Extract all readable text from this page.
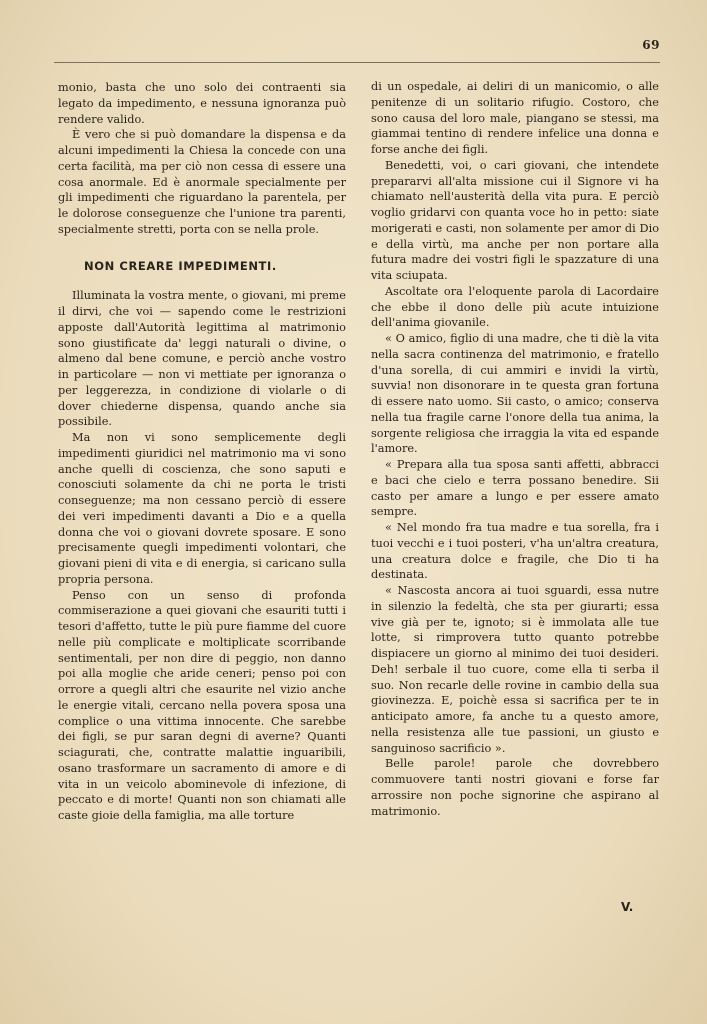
69

monio, basta che uno solo dei contraenti sia legato da impedimento, e nessuna ignoranza può rendere valido.

È vero che si può domandare la dispensa e da alcuni impedimenti la Chiesa la concede con una certa facilità, ma per ciò non cessa di essere una cosa anormale. Ed è anormale specialmente per gli impedimenti che riguardano la parentela, per le dolorose conseguenze che l'unione tra parenti, specialmente stretti, porta con se nella prole.

NON CREARE IMPEDIMENTI.

Illuminata la vostra mente, o giovani, mi preme il dirvi, che voi — sapendo come le restrizioni apposte dall'Autorità legittima al matrimonio sono giustificate da' leggi naturali o divine, o almeno dal bene comune, e perciò anche vostro in particolare — non vi mettiate per ignoranza o per leggerezza, in condizione di violarle o di dover chiederne dispensa, quando anche sia possibile.

Ma non vi sono semplicemente degli impedimenti giuridici nel matrimonio ma vi sono anche quelli di coscienza, che sono saputi e conosciuti solamente da chi ne porta le tristi conseguenze; ma non cessano perciò di essere dei veri impedimenti davanti a Dio e a quella donna che voi o giovani dovrete sposare. E sono precisamente quegli impedimenti volontari, che giovani pieni di vita e di energia, si caricano sulla propria persona.

Penso con un senso di profonda commiserazione a quei giovani che esauriti tutti i tesori d'affetto, tutte le più pure fiamme del cuore nelle più complicate e moltiplicate scorribande sentimentali, per non dire di peggio, non danno poi alla moglie che aride ceneri; penso poi con orrore a quegli altri che esaurite nel vizio anche le energie vitali, cercano nella povera sposa una complice o una vittima innocente. Che sarebbe dei figli, se pur saran degni di averne? Quanti sciagurati, che, contratte malattie inguaribili, osano trasformare un sacramento di amore e di vita in un veicolo abominevole di infezione, di peccato e di morte! Quanti non son chiamati alle caste gioie della famiglia, ma alle torture

di un ospedale, ai deliri di un manicomio, o alle penitenze di un solitario rifugio. Costoro, che sono causa del loro male, piangano se stessi, ma giammai tentino di rendere infelice una donna e forse anche dei figli.

Benedetti, voi, o cari giovani, che intendete prepararvi all'alta missione cui il Signore vi ha chiamato nell'austerità della vita pura. E perciò voglio gridarvi con quanta voce ho in petto: siate morigerati e casti, non solamente per amor di Dio e della virtù, ma anche per non portare alla futura madre dei vostri figli le spazzature di una vita sciupata.

Ascoltate ora l'eloquente parola di Lacordaire che ebbe il dono delle più acute intuizione dell'anima giovanile.

« O amico, figlio di una madre, che ti diè la vita nella sacra continenza del matrimonio, e fratello d'una sorella, di cui ammiri e invidi la virtù, suvvia! non disonorare in te questa gran fortuna di essere nato uomo. Sii casto, o amico; conserva nella tua fragile carne l'onore della tua anima, la sorgente religiosa che irraggia la vita ed espande l'amore.

« Prepara alla tua sposa santi affetti, abbracci e baci che cielo e terra possano benedire. Sii casto per amare a lungo e per essere amato sempre.

« Nel mondo fra tua madre e tua sorella, fra i tuoi vecchi e i tuoi posteri, v'ha un'altra creatura, una creatura dolce e fragile, che Dio ti ha destinata.

« Nascosta ancora ai tuoi sguardi, essa nutre in silenzio la fedeltà, che sta per giurarti; essa vive già per te, ignoto; si è immolata alle tue lotte, si rimprovera tutto quanto potrebbe dispiacere un giorno al minimo dei tuoi desideri. Deh! serbale il tuo cuore, come ella ti serba il suo. Non recarle delle rovine in cambio della sua giovinezza. E, poichè essa si sacrifica per te in anticipato amore, fa anche tu a questo amore, nella resistenza alle tue passioni, un giusto e sanguinoso sacrificio ».

Belle parole! parole che dovrebbero commuovere tanti nostri giovani e forse far arrossire non poche signorine che aspirano al matrimonio.

V.
